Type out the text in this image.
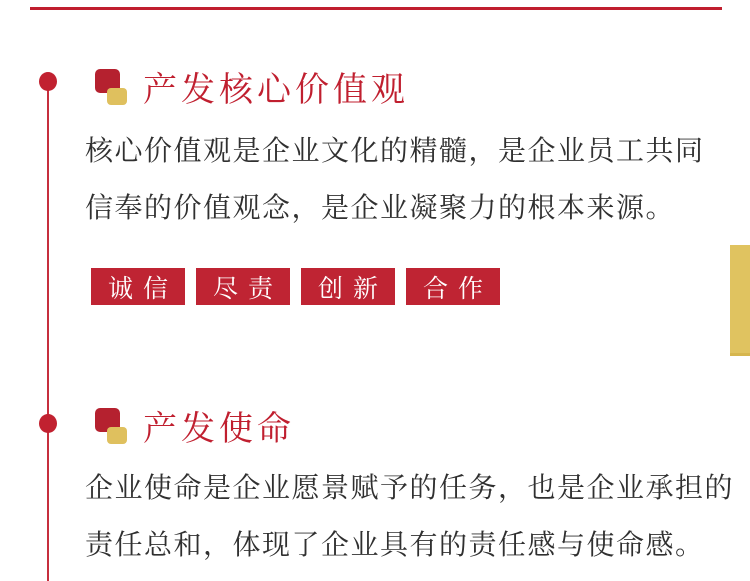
产发核心价值观
核心价值观是企业文化的精髓，是企业员工共同
信奉的价值观念，是企业凝聚力的根本来源。
诚信	尽责	创新	合作
产发使命
企业使命是企业愿景赋予的任务，也是企业承担的
责任总和，体现了企业具有的责任感与使命感。
